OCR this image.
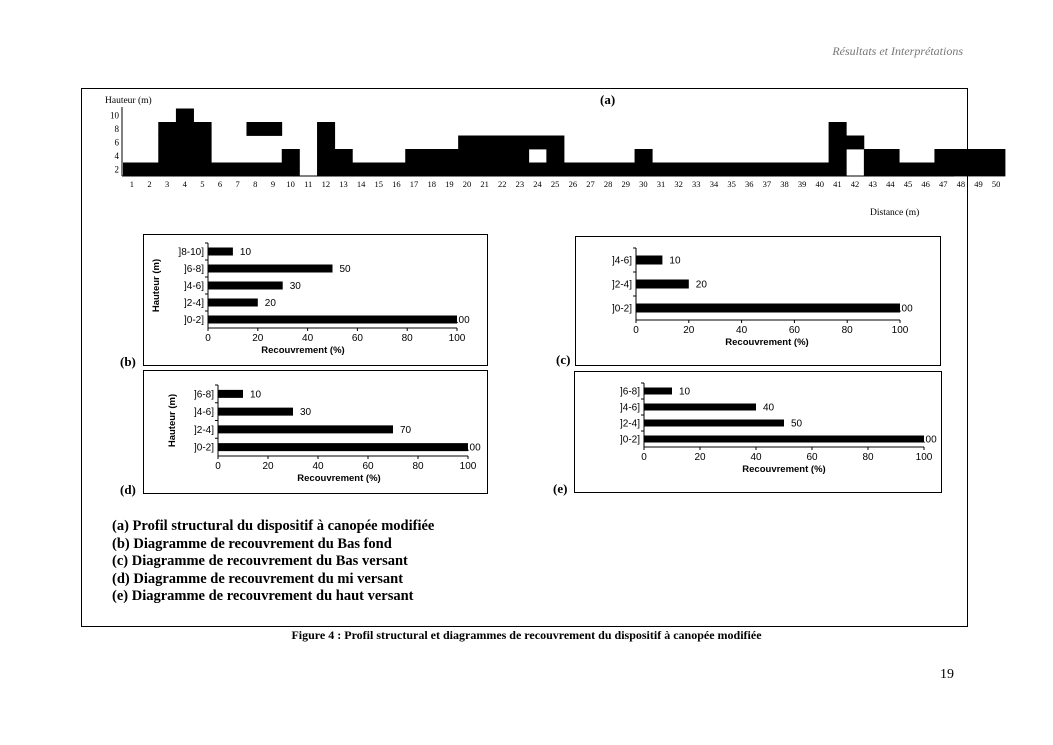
Résultats et Interprétations
(a)
Hauteur (m)
Distance (m)
2
4
6
8
10
1 2 3 4 5 6 7 8 9 10 11 12 13 14 15 16 17 18 19 20 21 22 23 24 25 26 27 28 29 30 31 32 33 34 35 36 37 38 39 40 41 42 43 44 45 46 47 48 49 50
]8-10]	10
]6-8]	50
]4-6]	30
]2-4]	20
]0-2]	100
0	20	40	60	80	100
Recouvrement (%)
Hauteur (m)
(b)
]4-6]	10
]2-4]	20
]0-2]	100
0	20	40	60	80	100
Recouvrement (%)
(c)
]6-8]	10
]4-6]	30
]2-4]	70
]0-2]	100
0	20	40	60	80	100
Recouvrement (%)
Hauteur (m)
(d)
]6-8]	10
]4-6]	40
]2-4]	50
]0-2]	100
0	20	40	60	80	100
Recouvrement (%)
(e)
(a) Profil structural du dispositif à canopée modifiée
(b) Diagramme de recouvrement du Bas fond
(c) Diagramme de recouvrement du Bas versant
(d) Diagramme de recouvrement du mi versant
(e) Diagramme de recouvrement du haut versant
Figure 4 : Profil structural et diagrammes de recouvrement du dispositif à canopée modifiée
19
